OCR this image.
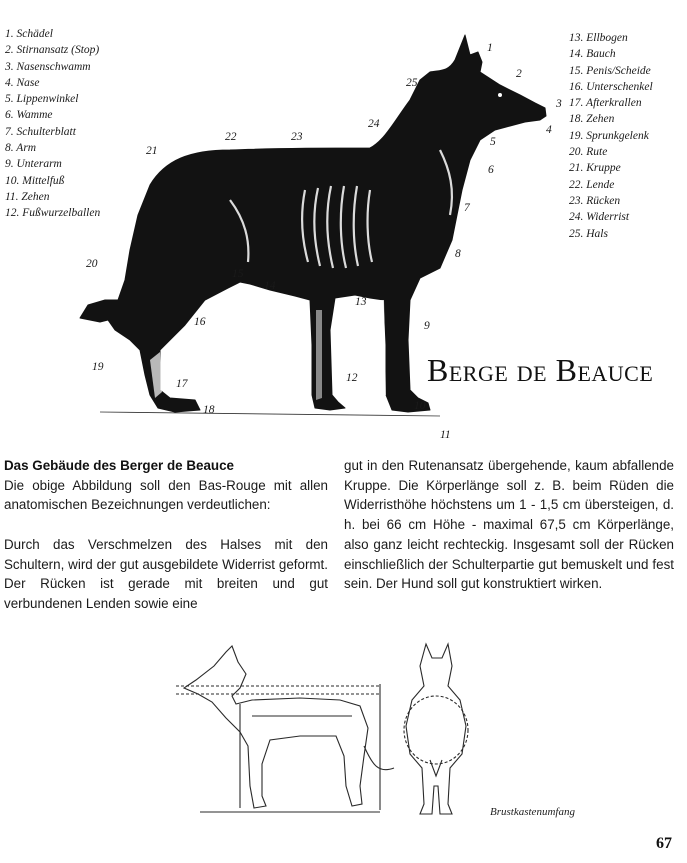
1. Schädel
2. Stirnansatz (Stop)
3. Nasenschwamm
4. Nase
5. Lippenwinkel
6. Wamme
7. Schulterblatt
8. Arm
9. Unterarm
10. Mittelfuß
11. Zehen
12. Fußwurzelballen
13. Ellbogen
14. Bauch
15. Penis/Scheide
16. Unterschenkel
17. Afterkrallen
18. Zehen
19. Sprunkgelenk
20. Rute
21. Kruppe
22. Lende
23. Rücken
24. Widerrist
25. Hals
1
2
3
4
5
6
7
8
9
10
11
12
13
14
15
16
17
18
19
20
21
22	23
24
25
Berge de Beauce

Das Gebäude des Berger de Beauce

Die obige Abbildung soll den Bas-Rouge mit allen anatomischen Bezeichnungen verdeutlichen:

Durch das Verschmelzen des Halses mit den Schultern, wird der gut ausgebildete Widerrist geformt. Der Rücken ist gerade mit breiten und gut verbundenen Lenden sowie eine

gut in den Rutenansatz übergehende, kaum abfallende Kruppe. Die Körperlänge soll z. B. beim Rüden die Widerristhöhe höchstens um 1 - 1,5 cm übersteigen, d. h. bei 66 cm Höhe - maximal 67,5 cm Körperlänge, also ganz leicht rechteckig. Insgesamt soll der Rücken einschließlich der Schulterpartie gut bemuskelt und fest sein. Der Hund soll gut konstruktiert wirken.

Brustkastenumfang
67
